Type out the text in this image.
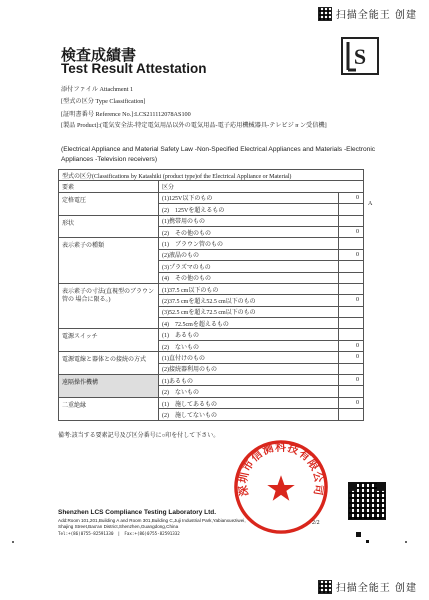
扫描全能王 创建
S
検査成績書
Test Result Attestation
添付ファイル Attachment 1
[型式の区分 Type Classification]
[証明書番号 Reference No.]:LCS211112078AS100
[製品 Product]:(電気安全法-特定電気用品以外の電気用品-電子応用機械器具-テレビジョン受信機]
(Electrical Appliance and Material Safety Law -Non-Specified Electrical Appliances and Materials -Electronic Appliances -Television receivers)
型式の区分(Classifications by Katashiki (product type)of the Electrical Appliance or Material)		
要素	区分	
定格電圧	(1)125V以下のもの	0
	(2)　125Vを超えるもの	
形状	(1)携帯用のもの	
	(2)　その他のもの	0
表示素子の種類	(1)　ブラウン管のもの	
	(2)液晶のもの	0
	(3)プラズマのもの	
	(4)　その他のもの	
表示素子の寸法(直視型のブラウン管の 場合に限る。)	(1)37.5 cm以下のもの	
	(2)37.5 cmを超え52.5 cm以下のもの	0
	(3)52.5 cmを超え72.5 cm以下のもの	
	(4)　72.5cmを超えるもの	
電源スイッチ	(1)　あるもの	
	(2)　ないもの	0
電源電線と器体との接続の方式	(1)直付けのもの	0
	(2)接続器利用のもの	
遠隔操作機構	(1)あるもの	0
	(2)　ないもの	
二重絶縁	(1)　施してあるもの	0
	(2)　施してないもの	
A
備考:該当する要素記号及び区分番号に○印を付して下さい。
深圳市信测科技有限公司
Shenzhen LCS Compliance Testing Laboratory Ltd.
Add:Room 101,201,Building A and Room 301,Building C,Juji Industrial Park,Yabianxueziwei,
Shajing Street,Bao'an District,Shenzhen,Guangdong,China
Tel:+(86)0755-82591330　|　Fax:+(86)0755-82591332
2/2
扫描全能王 创建
